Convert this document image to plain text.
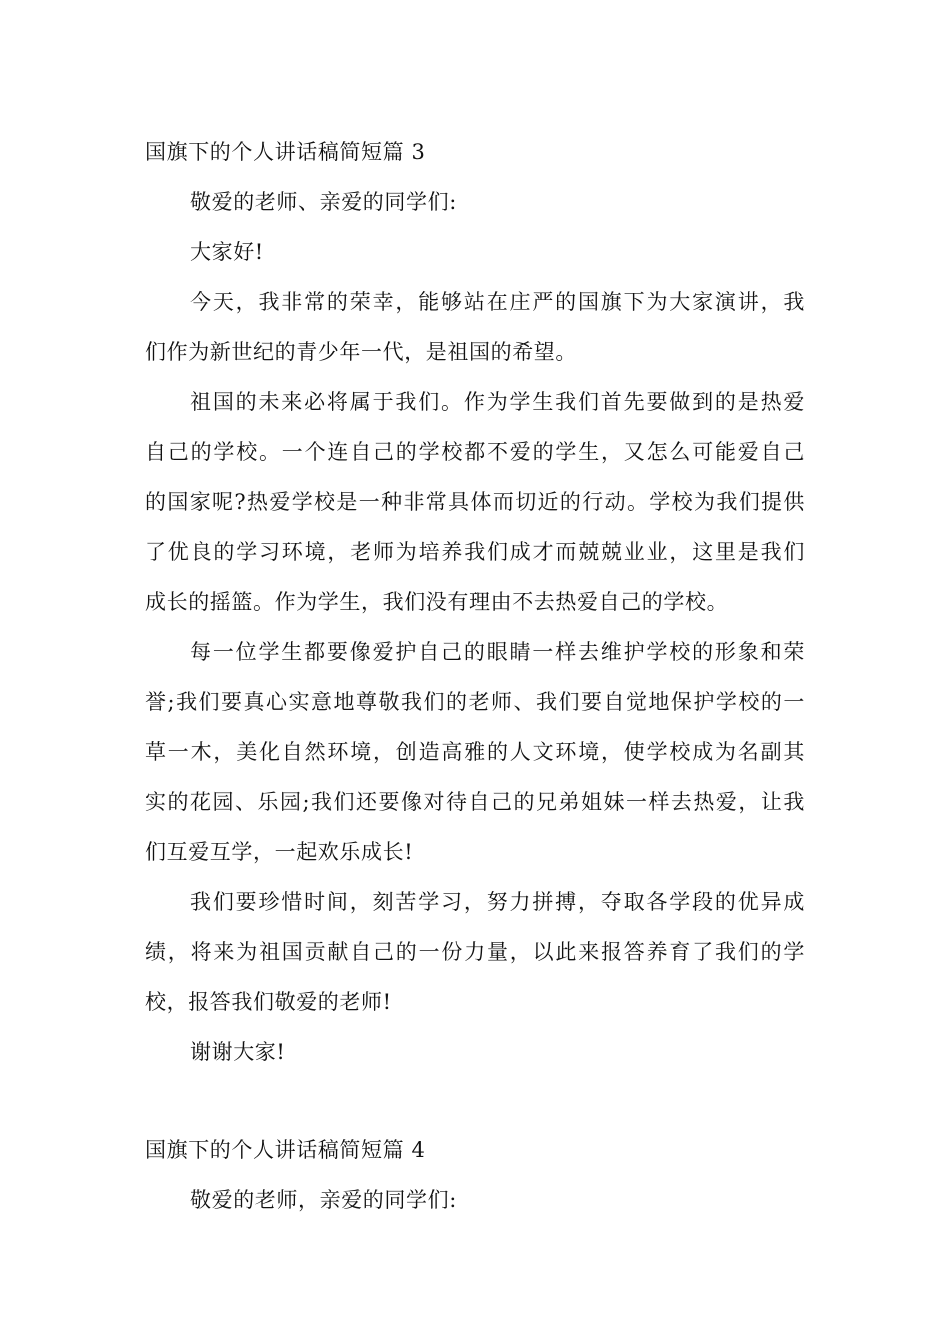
国旗下的个人讲话稿简短篇 3
敬爱的老师、亲爱的同学们:
大家好!
今天，我非常的荣幸，能够站在庄严的国旗下为大家演讲，我
们作为新世纪的青少年一代，是祖国的希望。
祖国的未来必将属于我们。作为学生我们首先要做到的是热爱
自己的学校。一个连自己的学校都不爱的学生，又怎么可能爱自己
的国家呢?热爱学校是一种非常具体而切近的行动。学校为我们提供
了优良的学习环境，老师为培养我们成才而兢兢业业，这里是我们
成长的摇篮。作为学生，我们没有理由不去热爱自己的学校。
每一位学生都要像爱护自己的眼睛一样去维护学校的形象和荣
誉;我们要真心实意地尊敬我们的老师、我们要自觉地保护学校的一
草一木，美化自然环境，创造高雅的人文环境，使学校成为名副其
实的花园、乐园;我们还要像对待自己的兄弟姐妹一样去热爱，让我
们互爱互学，一起欢乐成长!
我们要珍惜时间，刻苦学习，努力拼搏，夺取各学段的优异成
绩，将来为祖国贡献自己的一份力量，以此来报答养育了我们的学
校，报答我们敬爱的老师!
谢谢大家!
国旗下的个人讲话稿简短篇 4
敬爱的老师，亲爱的同学们:
